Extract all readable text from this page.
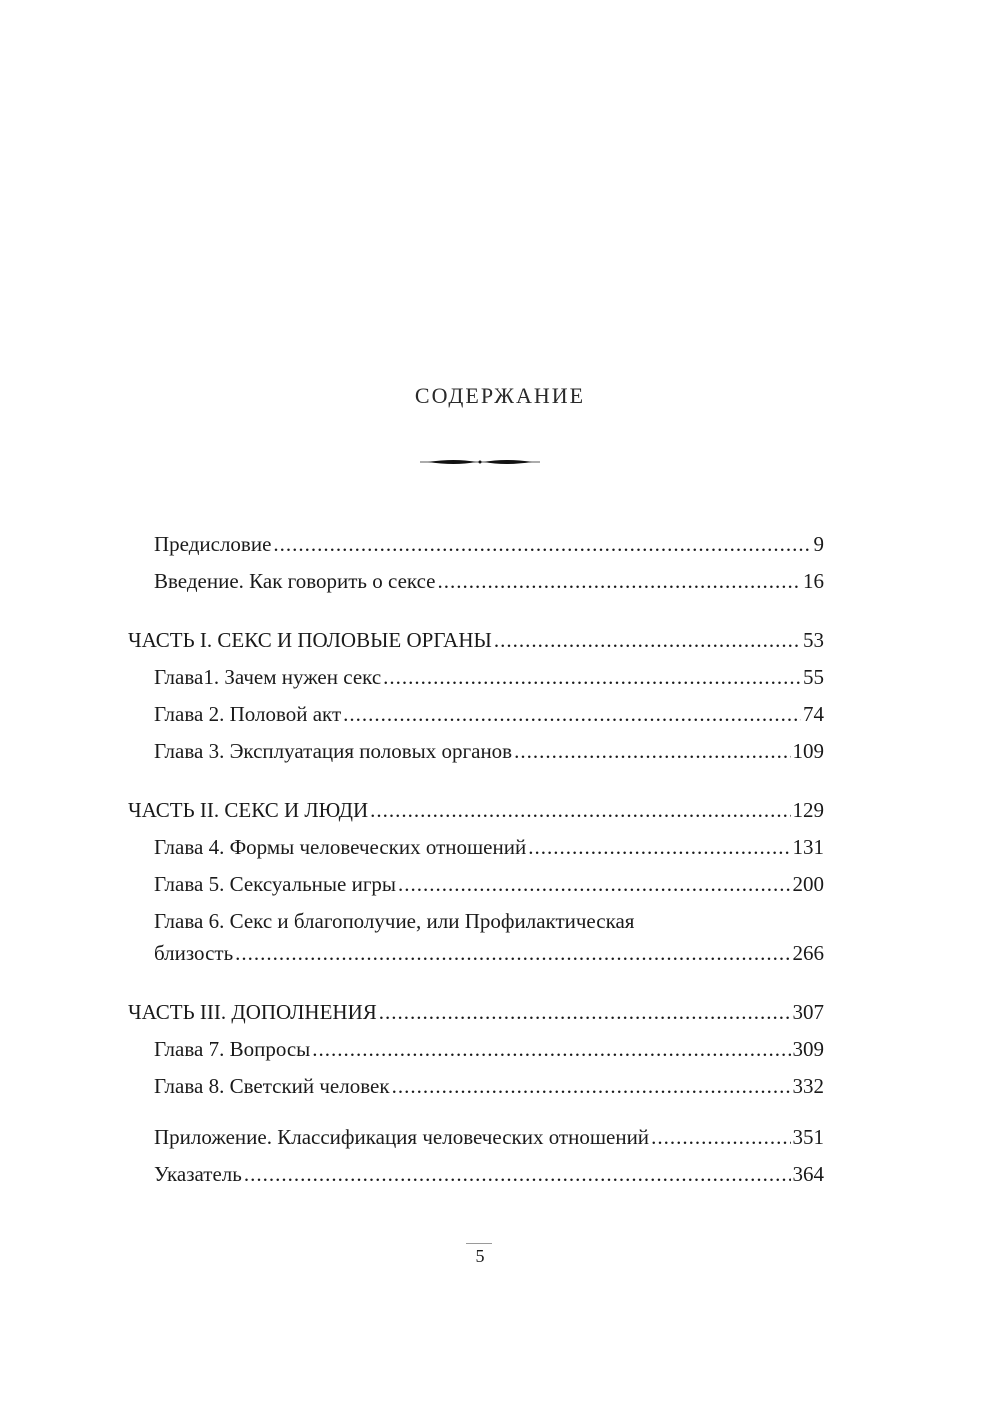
СОДЕРЖАНИЕ
Предисловие .....	9
Введение. Как говорить о сексе .....	16
ЧАСТЬ I. СЕКС И ПОЛОВЫЕ ОРГАНЫ .....	53
Глава1. Зачем нужен секс .....	55
Глава 2. Половой акт .....	74
Глава 3. Эксплуатация половых органов .....	109
ЧАСТЬ II. СЕКС И ЛЮДИ .....	129
Глава 4. Формы человеческих отношений .....	131
Глава 5. Сексуальные игры .....	200
Глава 6. Секс и благополучие, или Профилактическая
близость .....	266
ЧАСТЬ III. ДОПОЛНЕНИЯ .....	307
Глава 7. Вопросы .....	309
Глава 8. Светский человек .....	332
Приложение. Классификация человеческих отношений .....	351
Указатель .....	364
5
